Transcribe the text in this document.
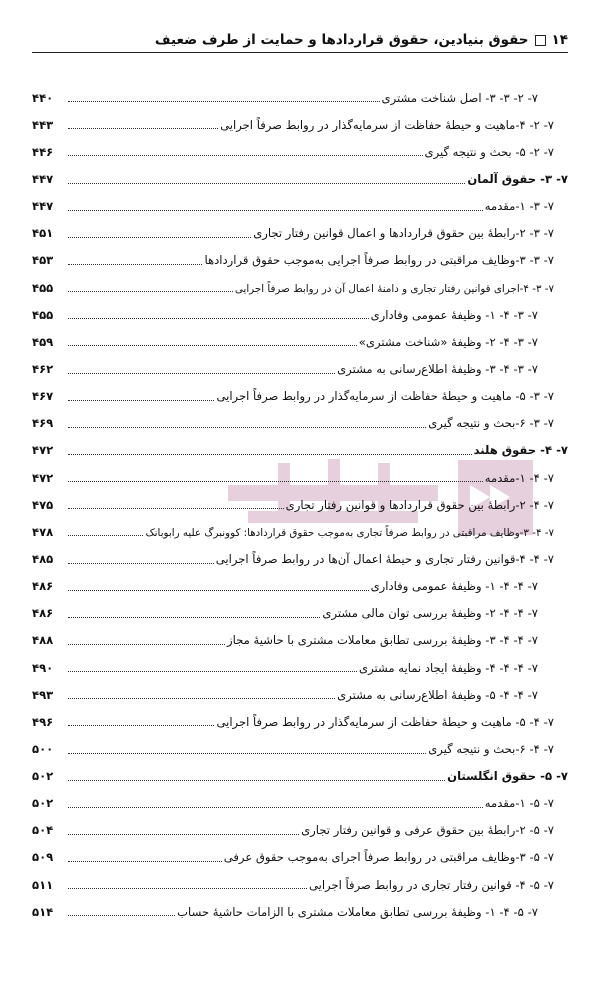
۱۴
حقوق بنیادین، حقوق قراردادها و حمایت از طرف ضعیف
۷- ۲- ۳- ۳- اصل شناخت مشتری
۴۴۰
۷- ۲- ۴-ماهیت و حیطۀ حفاظت از سرمایه‌گذار در روابط صرفاً اجرایی
۴۴۳
۷- ۲- ۵- بحث و نتیجه گیری
۴۴۶
۷- ۳- حقوق آلمان
۴۴۷
۷- ۳- ۱-مقدمه
۴۴۷
۷- ۳- ۲-رابطۀ بین حقوق قراردادها و اعمال قوانین رفتار تجاری
۴۵۱
۷- ۳- ۳-وظایف مراقبتی در روابط صرفاً اجرایی به‌موجب حقوق قراردادها
۴۵۳
۷- ۳- ۴-اجرای قوانین رفتار تجاری و دامنۀ اعمال آن در روابط صرفاً اجرایی
۴۵۵
۷- ۳- ۴- ۱- وظیفۀ عمومی وفاداری
۴۵۵
۷- ۳- ۴- ۲- وظیفۀ «شناخت مشتری»
۴۵۹
۷- ۳- ۴- ۳- وظیفۀ اطلاع‌رسانی به مشتری
۴۶۲
۷- ۳- ۵- ماهیت و حیطۀ حفاظت از سرمایه‌گذار در روابط صرفاً اجرایی
۴۶۷
۷- ۳- ۶-بحث و نتیجه گیری
۴۶۹
۷- ۴- حقوق هلند
۴۷۲
۷- ۴- ۱-مقدمه
۴۷۲
۷- ۴- ۲-رابطۀ بین حقوق قراردادها و قوانین رفتار تجاری
۴۷۵
۷- ۴- ۳-وظایف مراقبتی در روابط صرفاً تجاری به‌موجب حقوق قراردادها: کوونبرگ علیه رابوبانک
۴۷۸
۷- ۴- ۴-قوانین رفتار تجاری و حیطۀ اعمال آن‌ها در روابط صرفاً اجرایی
۴۸۵
۷- ۴- ۴- ۱- وظیفۀ عمومی وفاداری
۴۸۶
۷- ۴- ۴- ۲- وظیفۀ بررسی توان مالی مشتری
۴۸۶
۷- ۴- ۴- ۳- وظیفۀ بررسی تطابق معاملات مشتری با حاشیۀ مجاز
۴۸۸
۷- ۴- ۴- ۴- وظیفۀ ایجاد نمایه مشتری
۴۹۰
۷- ۴- ۴- ۵- وظیفۀ اطلاع‌رسانی به مشتری
۴۹۳
۷- ۴- ۵- ماهیت و حیطۀ حفاظت از سرمایه‌گذار در روابط صرفاً اجرایی
۴۹۶
۷- ۴- ۶-بحث و نتیجه گیری
۵۰۰
۷- ۵- حقوق انگلستان
۵۰۲
۷- ۵- ۱-مقدمه
۵۰۲
۷- ۵- ۲-رابطۀ بین حقوق عرفی و قوانین رفتار تجاری
۵۰۴
۷- ۵- ۳-وظایف مراقبتی در روابط صرفاً اجرای به‌موجب حقوق عرفی
۵۰۹
۷- ۵- ۴- قوانین رفتار تجاری در روابط صرفاً اجرایی
۵۱۱
۷- ۵- ۴- ۱- وظیفۀ بررسی تطابق معاملات مشتری با الزامات حاشیۀ حساب
۵۱۴
